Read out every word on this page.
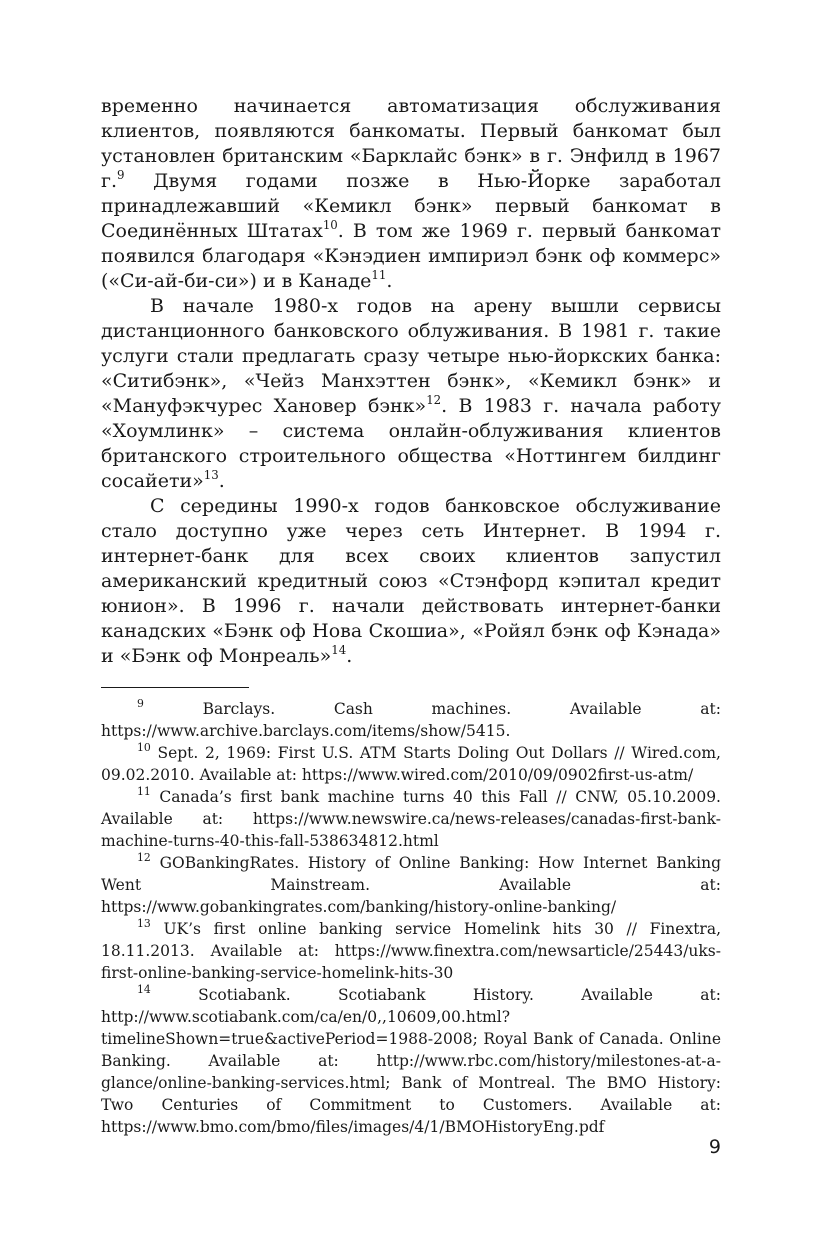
временно начинается автоматизация обслуживания клиентов, появляются банкоматы. Первый банкомат был установлен британским «Барклайс бэнк» в г. Энфилд в 1967 г.$^9$ Двумя годами позже в Нью-Йорке заработал принадлежавший «Кемикл бэнк» первый банкомат в Соединённых Штатах$^{10}$. В том же 1969 г. первый банкомат появился благодаря «Кэнэдиен импириэл бэнк оф коммерс» («Си-ай-би-си») и в Канаде$^{11}$.

В начале 1980-х годов на арену вышли сервисы дистанционного банковского облуживания. В 1981 г. такие услуги стали предлагать сразу четыре нью-йоркских банка: «Ситибэнк», «Чейз Манхэттен бэнк», «Кемикл бэнк» и «Мануфэкчурес Хановер бэнк»$^{12}$. В 1983 г. начала работу «Хоумлинк» – система онлайн-облуживания клиентов британского строительного общества «Ноттингем билдинг сосайети»$^{13}$.

С середины 1990-х годов банковское обслуживание стало доступно уже через сеть Интернет. В 1994 г. интернет-банк для всех своих клиентов запустил американский кредитный союз «Стэнфорд кэпитал кредит юнион». В 1996 г. начали действовать интернет-банки канадских «Бэнк оф Нова Скошиа», «Ройял бэнк оф Кэнада» и «Бэнк оф Монреаль»$^{14}$.

$^9$	Barclays. Cash machines. Available at: https://www.archive.barclays.com/items/show/5415.

$^{10}$ Sept. 2, 1969: First U.S. ATM Starts Doling Out Dollars // Wired.com, 09.02.2010. Available at: https://www.wired.com/2010/09/0902first-us-atm/

$^{11}$ Canada’s first bank machine turns 40 this Fall // CNW, 05.10.2009. Available at: https://www.newswire.ca/news-releases/canadas-first-bank-machine-turns-40-this-fall-538634812.html

$^{12}$ GOBankingRates. History of Online Banking: How Internet Banking Went Mainstream. Available at: https://www.gobankingrates.com/banking/history-online-banking/

$^{13}$ UK’s first online banking service Homelink hits 30 // Finextra, 18.11.2013. Available at: https://www.finextra.com/newsarticle/25443/uks-first-online-banking-service-homelink-hits-30

$^{14}$	Scotiabank. Scotiabank History. Available at: http://www.scotiabank.com/ca/en/0,,10609,00.html?timelineShown=true&activePeriod=1988-2008; Royal Bank of Canada. Online Banking. Available at: http://www.rbc.com/history/milestones-at-a-glance/online-banking-services.html; Bank of Montreal. The BMO History: Two Centuries of Commitment to Customers. Available at: https://www.bmo.com/bmo/files/images/4/1/BMOHistoryEng.pdf

9
